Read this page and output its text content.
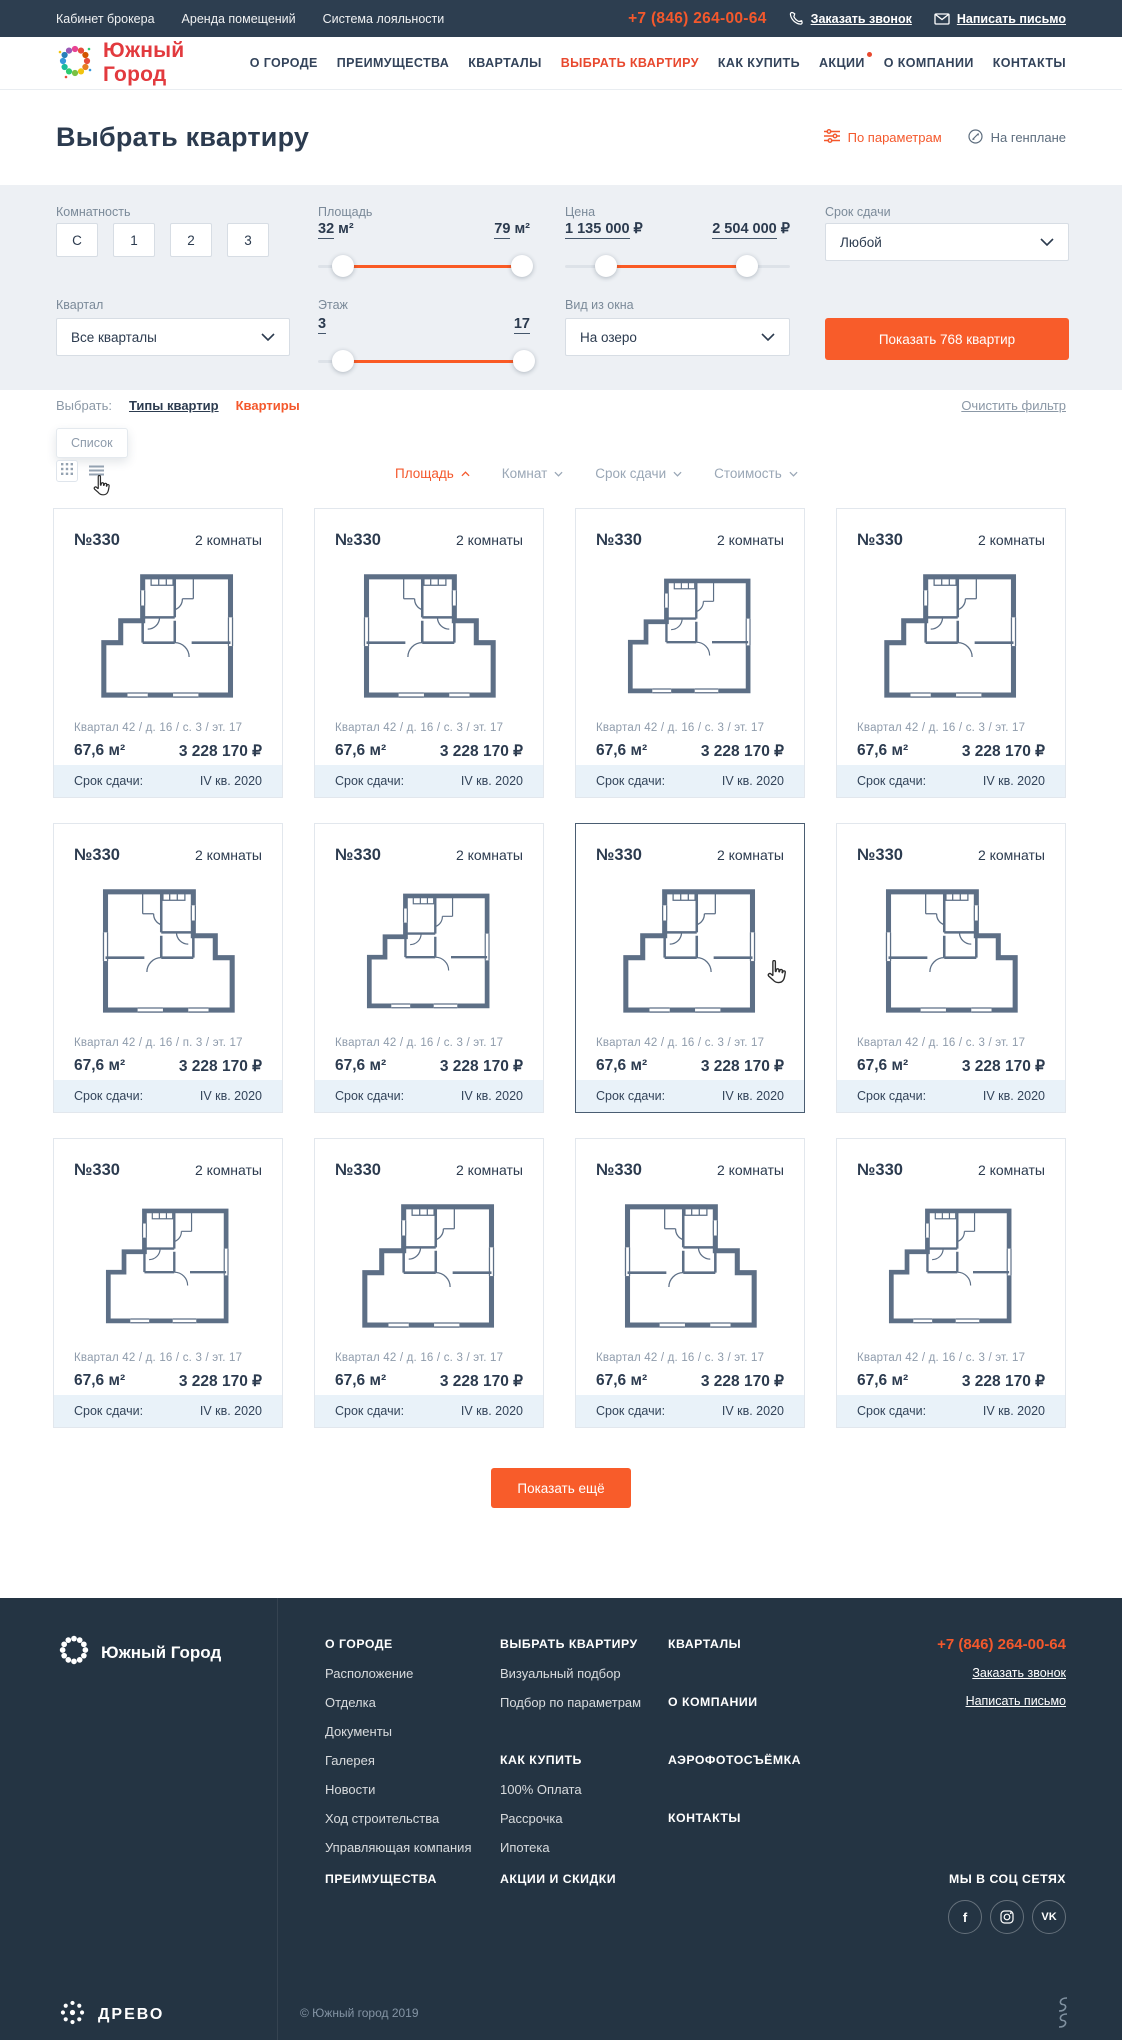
Кабинет брокера Аренда помещений Система лояльности	+7 (846) 264-00-64	Заказать звонок	Написать письмо
Южный Город	О ГОРОДЕ ПРЕИМУЩЕСТВА КВАРТАЛЫ ВЫБРАТЬ КВАРТИРУ КАК КУПИТЬ АКЦИИ О КОМПАНИИ КОНТАКТЫ
Выбрать квартиру	По параметрам	На генплане
Комнатность
С	1	2	3
Площадь
32 м²	79 м²
Цена
1 135 000 ₽	2 504 000 ₽
Срок сдачи
Любой
Квартал
Все кварталы
Этаж
3	17
Вид из окна
На озеро	Показать 768 квартир
Выбрать: Типы квартир Квартиры	Очистить фильтр
Список
Площадь	Комнат	Срок сдачи	Стоимость
№330	2 комнаты
Квартал 42 / д. 16 / с. 3 / эт. 17
67,6 м²	3 228 170 ₽
Срок сдачи:	IV кв. 2020
№330	2 комнаты
Квартал 42 / д. 16 / с. 3 / эт. 17
67,6 м²	3 228 170 ₽
Срок сдачи:	IV кв. 2020
№330	2 комнаты
Квартал 42 / д. 16 / с. 3 / эт. 17
67,6 м²	3 228 170 ₽
Срок сдачи:	IV кв. 2020
№330	2 комнаты
Квартал 42 / д. 16 / с. 3 / эт. 17
67,6 м²	3 228 170 ₽
Срок сдачи:	IV кв. 2020
№330	2 комнаты
Квартал 42 / д. 16 / п. 3 / эт. 17
67,6 м²	3 228 170 ₽
Срок сдачи:	IV кв. 2020
№330	2 комнаты
Квартал 42 / д. 16 / с. 3 / эт. 17
67,6 м²	3 228 170 ₽
Срок сдачи:	IV кв. 2020
№330	2 комнаты
Квартал 42 / д. 16 / с. 3 / эт. 17
67,6 м²	3 228 170 ₽
Срок сдачи:	IV кв. 2020
№330	2 комнаты
Квартал 42 / д. 16 / с. 3 / эт. 17
67,6 м²	3 228 170 ₽
Срок сдачи:	IV кв. 2020
№330	2 комнаты
Квартал 42 / д. 16 / с. 3 / эт. 17
67,6 м²	3 228 170 ₽
Срок сдачи:	IV кв. 2020
№330	2 комнаты
Квартал 42 / д. 16 / с. 3 / эт. 17
67,6 м²	3 228 170 ₽
Срок сдачи:	IV кв. 2020
№330	2 комнаты
Квартал 42 / д. 16 / с. 3 / эт. 17
67,6 м²	3 228 170 ₽
Срок сдачи:	IV кв. 2020
№330	2 комнаты
Квартал 42 / д. 16 / с. 3 / эт. 17
67,6 м²	3 228 170 ₽
Срок сдачи:	IV кв. 2020
Показать ещё
Южный Город	О ГОРОДЕ
Расположение
Отделка
Документы
Галерея
Новости
Ход строительства
Управляющая компания
ПРЕИМУЩЕСТВА
ВЫБРАТЬ КВАРТИРУ
Визуальный подбор
Подбор по параметрам
КАК КУПИТЬ
100% Оплата
Рассрочка
Ипотека
АКЦИИ И СКИДКИ
КВАРТАЛЫ
О КОМПАНИИ
АЭРОФОТОСЪЁМКА
КОНТАКТЫ
+7 (846) 264-00-64
Заказать звонок
Написать письмо
МЫ В СОЦ СЕТЯХ
f	VK
ДРЕВО	© Южный город 2019
